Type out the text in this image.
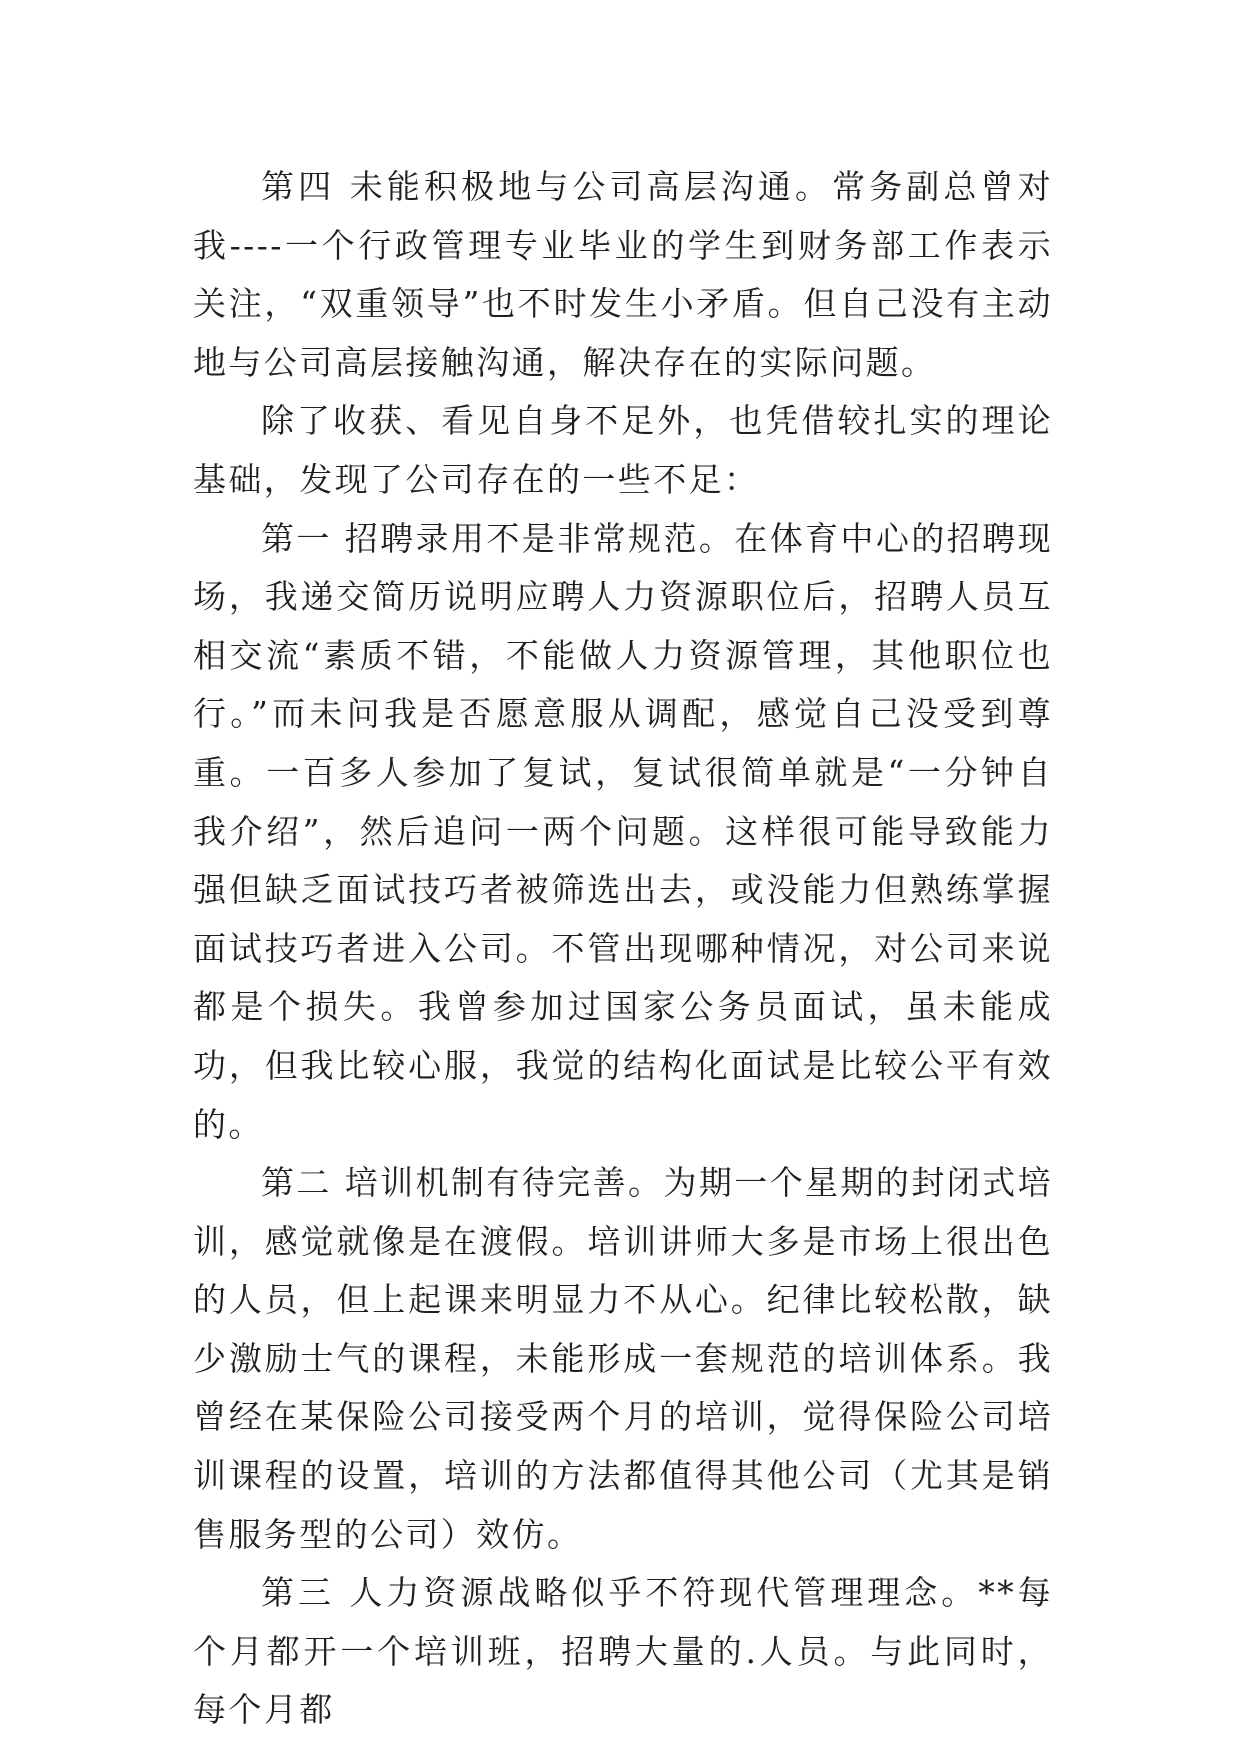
第四 未能积极地与公司高层沟通。常务副总曾对我----一个行政管理专业毕业的学生到财务部工作表示关注，“双重领导”也不时发生小矛盾。但自己没有主动地与公司高层接触沟通，解决存在的实际问题。

除了收获、看见自身不足外，也凭借较扎实的理论基础，发现了公司存在的一些不足：

第一 招聘录用不是非常规范。在体育中心的招聘现场，我递交简历说明应聘人力资源职位后，招聘人员互相交流“素质不错，不能做人力资源管理，其他职位也行。”而未问我是否愿意服从调配，感觉自己没受到尊重。一百多人参加了复试，复试很简单就是“一分钟自我介绍”，然后追问一两个问题。这样很可能导致能力强但缺乏面试技巧者被筛选出去，或没能力但熟练掌握面试技巧者进入公司。不管出现哪种情况，对公司来说都是个损失。我曾参加过国家公务员面试，虽未能成功，但我比较心服，我觉的结构化面试是比较公平有效的。

第二 培训机制有待完善。为期一个星期的封闭式培训，感觉就像是在渡假。培训讲师大多是市场上很出色的人员，但上起课来明显力不从心。纪律比较松散，缺少激励士气的课程，未能形成一套规范的培训体系。我曾经在某保险公司接受两个月的培训，觉得保险公司培训课程的设置，培训的方法都值得其他公司（尤其是销售服务型的公司）效仿。

第三 人力资源战略似乎不符现代管理理念。**每个月都开一个培训班，招聘大量的.人员。与此同时，每个月都
